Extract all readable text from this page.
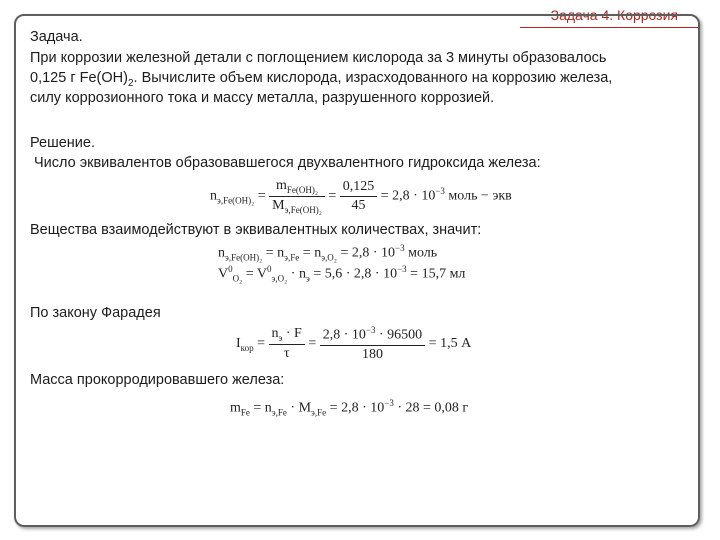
Задача 4. Коррозия
Задача.
При коррозии железной детали с поглощением кислорода за 3 минуты образовалось
0,125 г $Fe(OH)_2$. Вычислите объем кислорода, израсходованного на коррозию железа,
силу коррозионного тока и массу металла, разрушенного коррозией.
Решение.
Число эквивалентов образовавшегося двухвалентного гидроксида железа:
$n_{э,Fe(OH)_2} = \frac{m_{Fe(OH)_2}}{M_{э,Fe(OH)_2}} = \frac{0,125}{45} = 2,8 \cdot 10^{-3}$ моль − экв
Вещества взаимодействуют в эквивалентных количествах, значит:
$n_{э,Fe(OH)_2} = n_{э,Fe} = n_{э,O_2} = 2,8 \cdot 10^{-3}$ моль
$V^0_{O_2} = V^0_{э,O_2} \cdot n_э = 5,6 \cdot 2,8 \cdot 10^{-3} = 15,7$ мл
По закону Фарадея
$I_{кор} = \frac{n_э \cdot F}{\tau} = \frac{2,8 \cdot 10^{-3} \cdot 96500}{180} = 1,5$ А
Масса прокорродировавшего железа:
$m_{Fe} = n_{э,Fe} \cdot M_{э,Fe} = 2,8 \cdot 10^{-3} \cdot 28 = 0,08$ г
